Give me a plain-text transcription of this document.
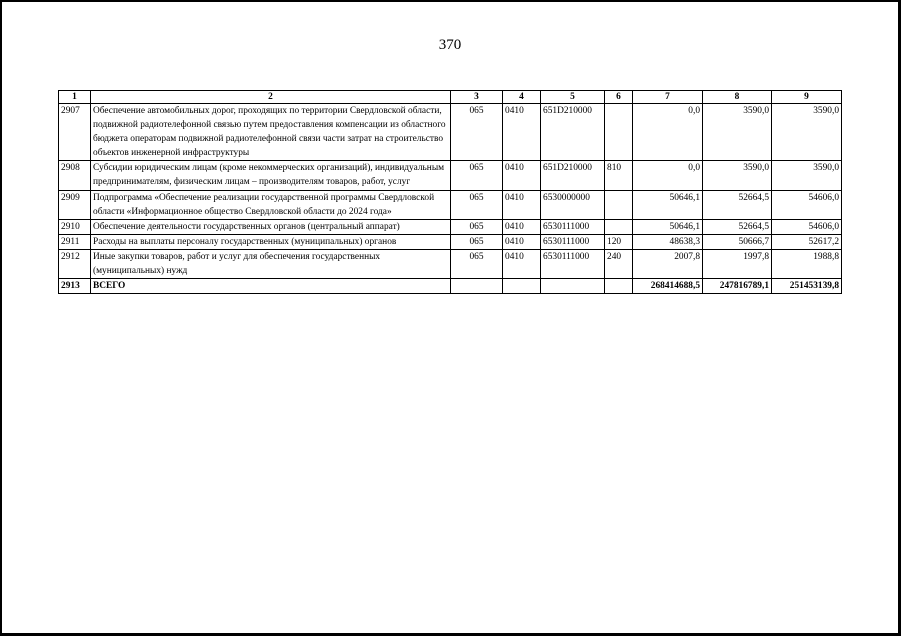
370
1	2	3	4	5	6	7	8	9
2907	Обеспечение автомобильных дорог, проходящих по территории Свердловской области, подвижной радиотелефонной связью путем предоставления компенсации из областного бюджета операторам подвижной радиотелефонной связи части затрат на строительство объектов инженерной инфраструктуры	065	0410	651D210000		0,0	3590,0	3590,0
2908	Субсидии юридическим лицам (кроме некоммерческих организаций), индивидуальным предпринимателям, физическим лицам – производителям товаров, работ, услуг	065	0410	651D210000	810	0,0	3590,0	3590,0
2909	Подпрограмма «Обеспечение реализации государственной программы Свердловской области «Информационное общество Свердловской области до 2024 года»	065	0410	6530000000		50646,1	52664,5	54606,0
2910	Обеспечение деятельности государственных органов (центральный аппарат)	065	0410	6530111000		50646,1	52664,5	54606,0
2911	Расходы на выплаты персоналу государственных (муниципальных) органов	065	0410	6530111000	120	48638,3	50666,7	52617,2
2912	Иные закупки товаров, работ и услуг для обеспечения государственных (муниципальных) нужд	065	0410	6530111000	240	2007,8	1997,8	1988,8
2913	ВСЕГО					268414688,5	247816789,1	251453139,8
